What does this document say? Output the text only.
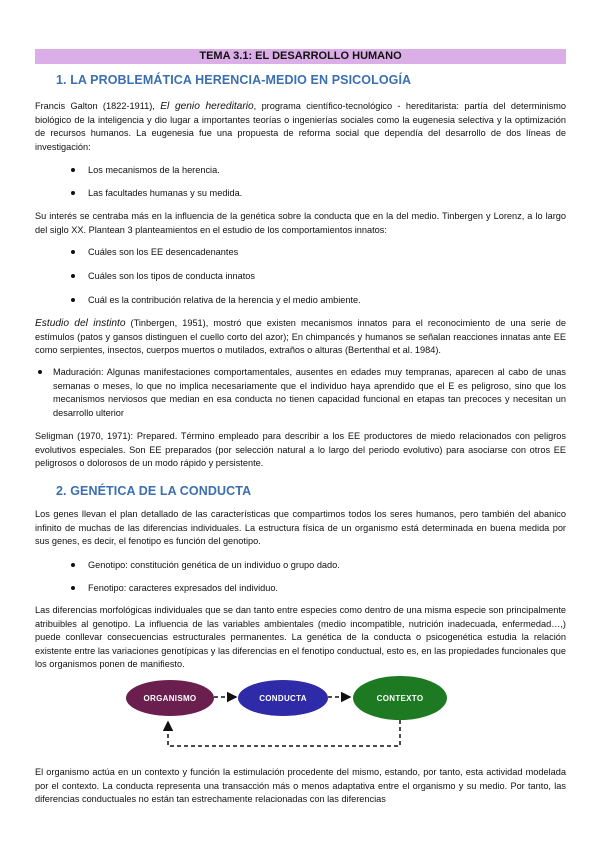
TEMA 3.1: EL DESARROLLO HUMANO
1. LA PROBLEMÁTICA HERENCIA-MEDIO EN PSICOLOGÍA
Francis Galton (1822-1911), El genio hereditario, programa científico-tecnológico - hereditarista: partía del determinismo biológico de la inteligencia y dio lugar a importantes teorías o ingenierías sociales como la eugenesia selectiva y la optimización de recursos humanos. La eugenesia fue una propuesta de reforma social que dependía del desarrollo de dos líneas de investigación:
Los mecanismos de la herencia.
Las facultades humanas y su medida.
Su interés se centraba más en la influencia de la genética sobre la conducta que en la del medio. Tinbergen y Lorenz, a lo largo del siglo XX. Plantean 3 planteamientos en el estudio de los comportamientos innatos:
Cuáles son los EE desencadenantes
Cuáles son los tipos de conducta innatos
Cuál es la contribución relativa de la herencia y el medio ambiente.
Estudio del instinto (Tinbergen, 1951), mostró que existen mecanismos innatos para el reconocimiento de una serie de estímulos (patos y gansos distinguen el cuello corto del azor); En chimpancés y humanos se señalan reacciones innatas ante EE como serpientes, insectos, cuerpos muertos o mutilados, extraños o alturas (Bertenthal et al. 1984).
Maduración: Algunas manifestaciones comportamentales, ausentes en edades muy tempranas, aparecen al cabo de unas semanas o meses, lo que no implica necesariamente que el individuo haya aprendido que el E es peligroso, sino que los mecanismos nerviosos que median en esa conducta no tienen capacidad funcional en etapas tan precoces y necesitan un desarrollo ulterior
Seligman (1970, 1971): Prepared. Término empleado para describir a los EE productores de miedo relacionados con peligros evolutivos especiales. Son EE preparados (por selección natural a lo largo del periodo evolutivo) para asociarse con otros EE peligrosos o dolorosos de un modo rápido y persistente.
2. GENÉTICA DE LA CONDUCTA
Los genes llevan el plan detallado de las características que compartimos todos los seres humanos, pero también del abanico infinito de muchas de las diferencias individuales. La estructura física de un organismo está determinada en buena medida por sus genes, es decir, el fenotipo es función del genotipo.
Genotipo: constitución genética de un individuo o grupo dado.
Fenotipo: caracteres expresados del individuo.
Las diferencias morfológicas individuales que se dan tanto entre especies como dentro de una misma especie son principalmente atribuibles al genotipo. La influencia de las variables ambientales (medio incompatible, nutrición inadecuada, enfermedad…,) puede conllevar consecuencias estructurales permanentes. La genética de la conducta o psicogenética estudia la relación existente entre las variaciones genotípicas y las diferencias en el fenotipo conductual, esto es, en las propiedades funcionales que los organismos ponen de manifiesto.
ORGANISMO	CONDUCTA	CONTEXTO
El organismo actúa en un contexto y función la estimulación procedente del mismo, estando, por tanto, esta actividad modelada por el contexto. La conducta representa una transacción más o menos adaptativa entre el organismo y su medio. Por tanto, las diferencias conductuales no están tan estrechamente relacionadas con las diferencias
